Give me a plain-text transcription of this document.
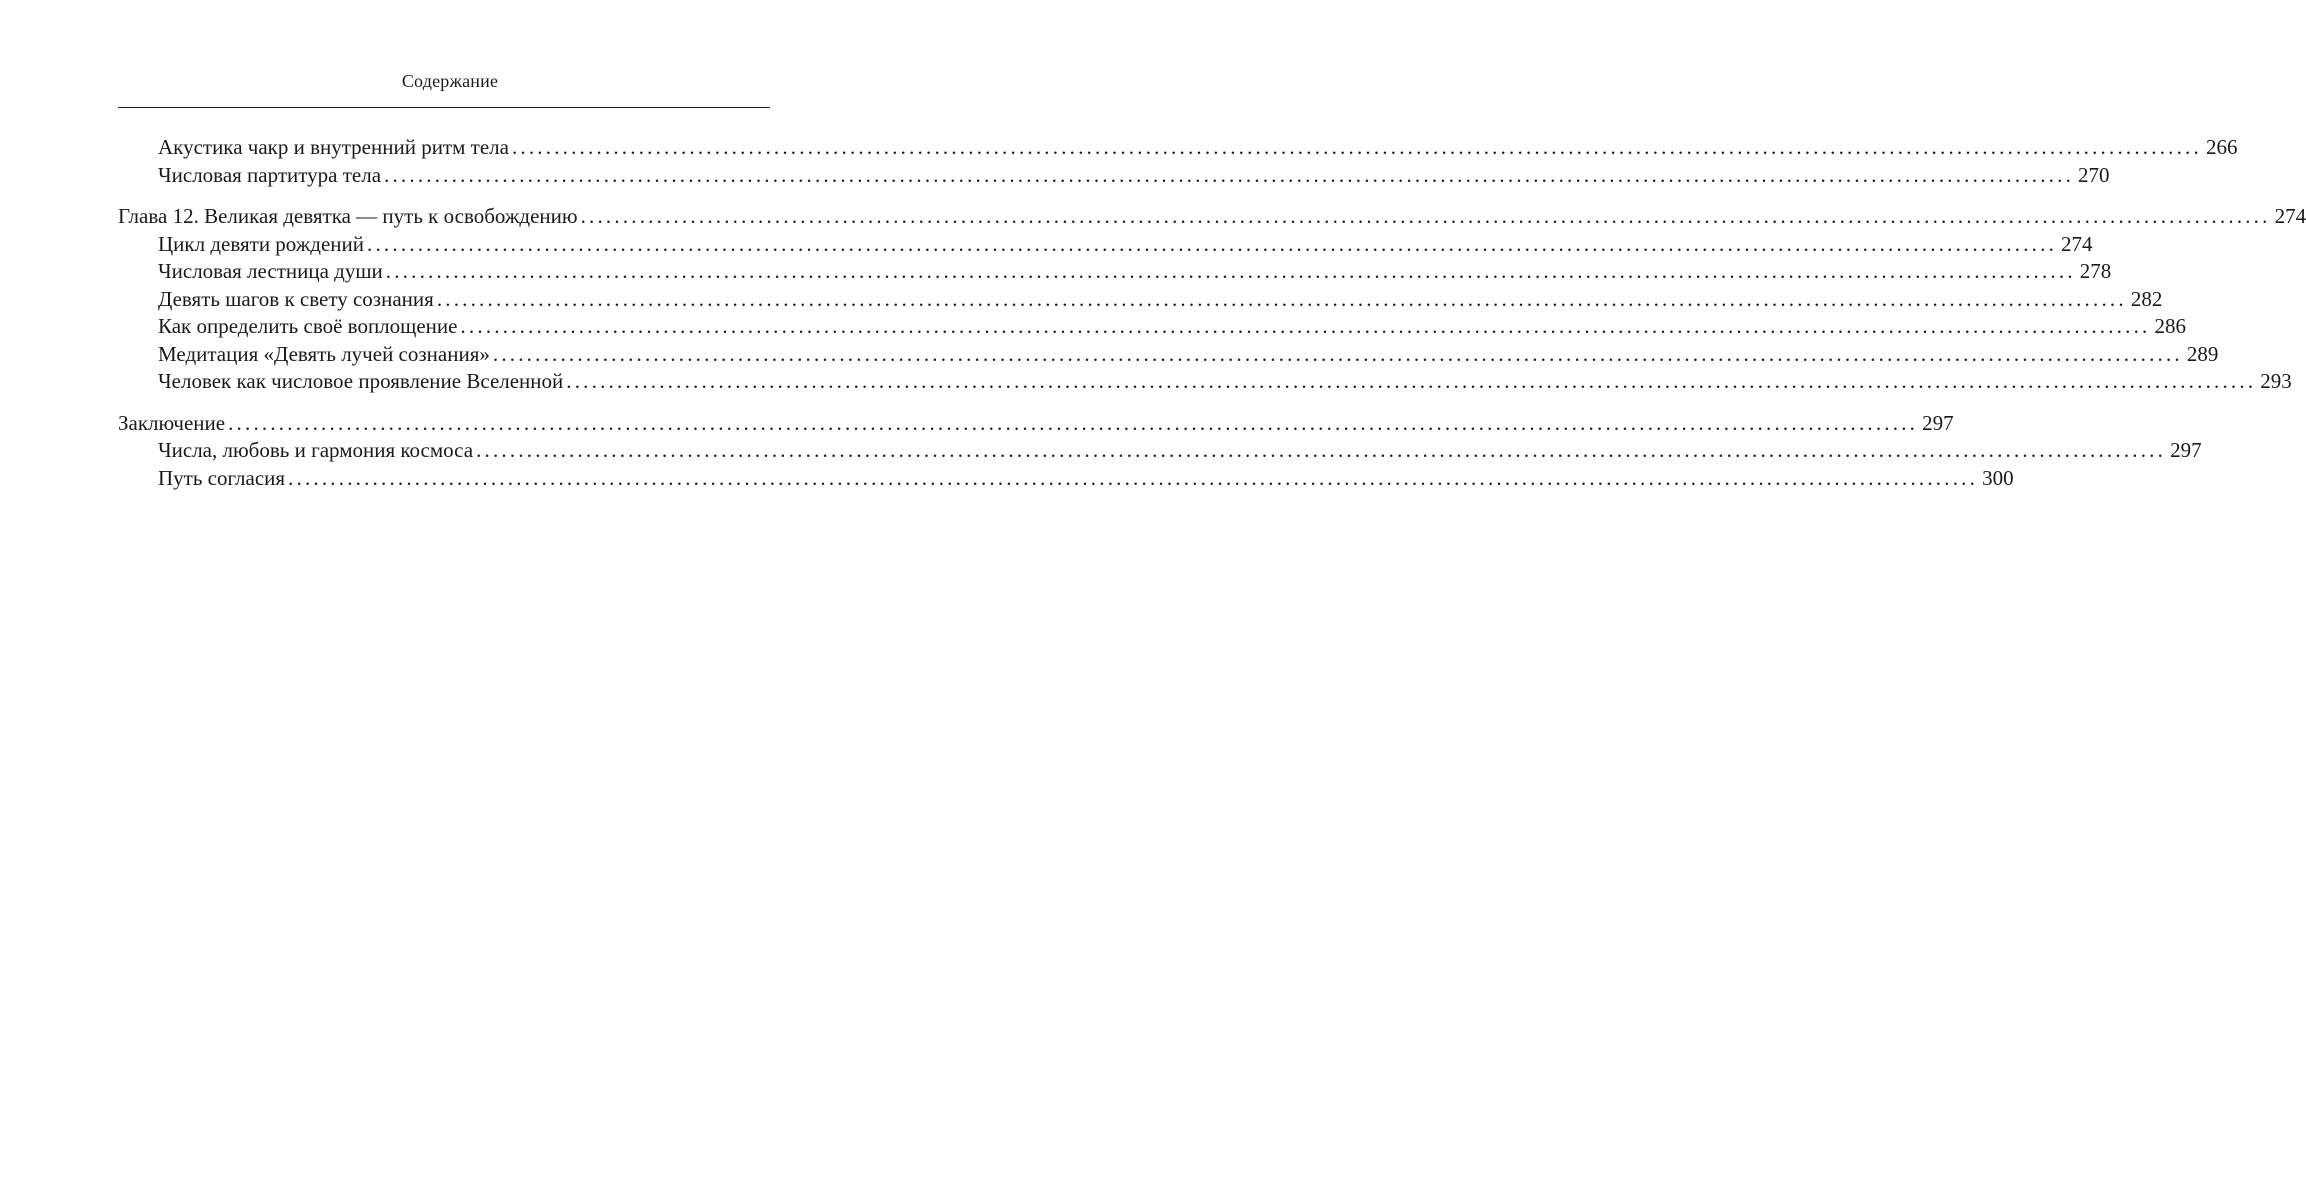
Содержание
Акустика чакр и внутренний ритм тела ........................................................................................................................................................................................................ 266
Числовая партитура тела ........................................................................................................................................................................................................ 270
Глава 12. Великая девятка — путь к освобождению ........................................................................................................................................................................................................ 274
Цикл девяти рождений ........................................................................................................................................................................................................ 274
Числовая лестница души ........................................................................................................................................................................................................ 278
Девять шагов к свету сознания ........................................................................................................................................................................................................ 282
Как определить своё воплощение ........................................................................................................................................................................................................ 286
Медитация «Девять лучей сознания» ........................................................................................................................................................................................................ 289
Человек как числовое проявление Вселенной ........................................................................................................................................................................................................ 293
Заключение ........................................................................................................................................................................................................ 297
Числа, любовь и гармония космоса ........................................................................................................................................................................................................ 297
Путь согласия ........................................................................................................................................................................................................ 300
